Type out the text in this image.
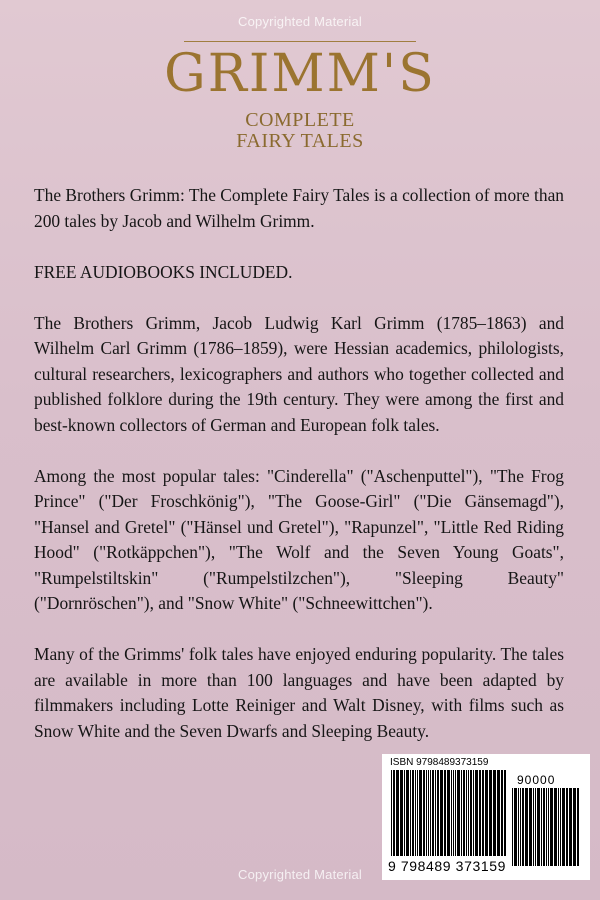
Copyrighted Material
GRIMM'S
COMPLETE
FAIRY TALES

The Brothers Grimm: The Complete Fairy Tales is a collection of more than 200 tales by Jacob and Wilhelm Grimm.

FREE AUDIOBOOKS INCLUDED.

The Brothers Grimm, Jacob Ludwig Karl Grimm (1785–1863) and Wilhelm Carl Grimm (1786–1859), were Hessian academics, philologists, cultural researchers, lexicographers and authors who together collected and published folklore during the 19th century. They were among the first and best-known collectors of German and European folk tales.

Among the most popular tales: "Cinderella" ("Aschenputtel"), "The Frog Prince" ("Der Froschkönig"), "The Goose-Girl" ("Die Gänsemagd"), "Hansel and Gretel" ("Hänsel und Gretel"), "Rapunzel", "Little Red Riding Hood" ("Rotkäppchen"), "The Wolf and the Seven Young Goats", "Rumpelstiltskin" ("Rumpelstilzchen"), "Sleeping Beauty" ("Dornröschen"), and "Snow White" ("Schneewittchen").

Many of the Grimms' folk tales have enjoyed enduring popularity. The tales are available in more than 100 languages and have been adapted by filmmakers including Lotte Reiniger and Walt Disney, with films such as Snow White and the Seven Dwarfs and Sleeping Beauty.

ISBN 9798489373159
9 798489 373159
90000
Copyrighted Material
